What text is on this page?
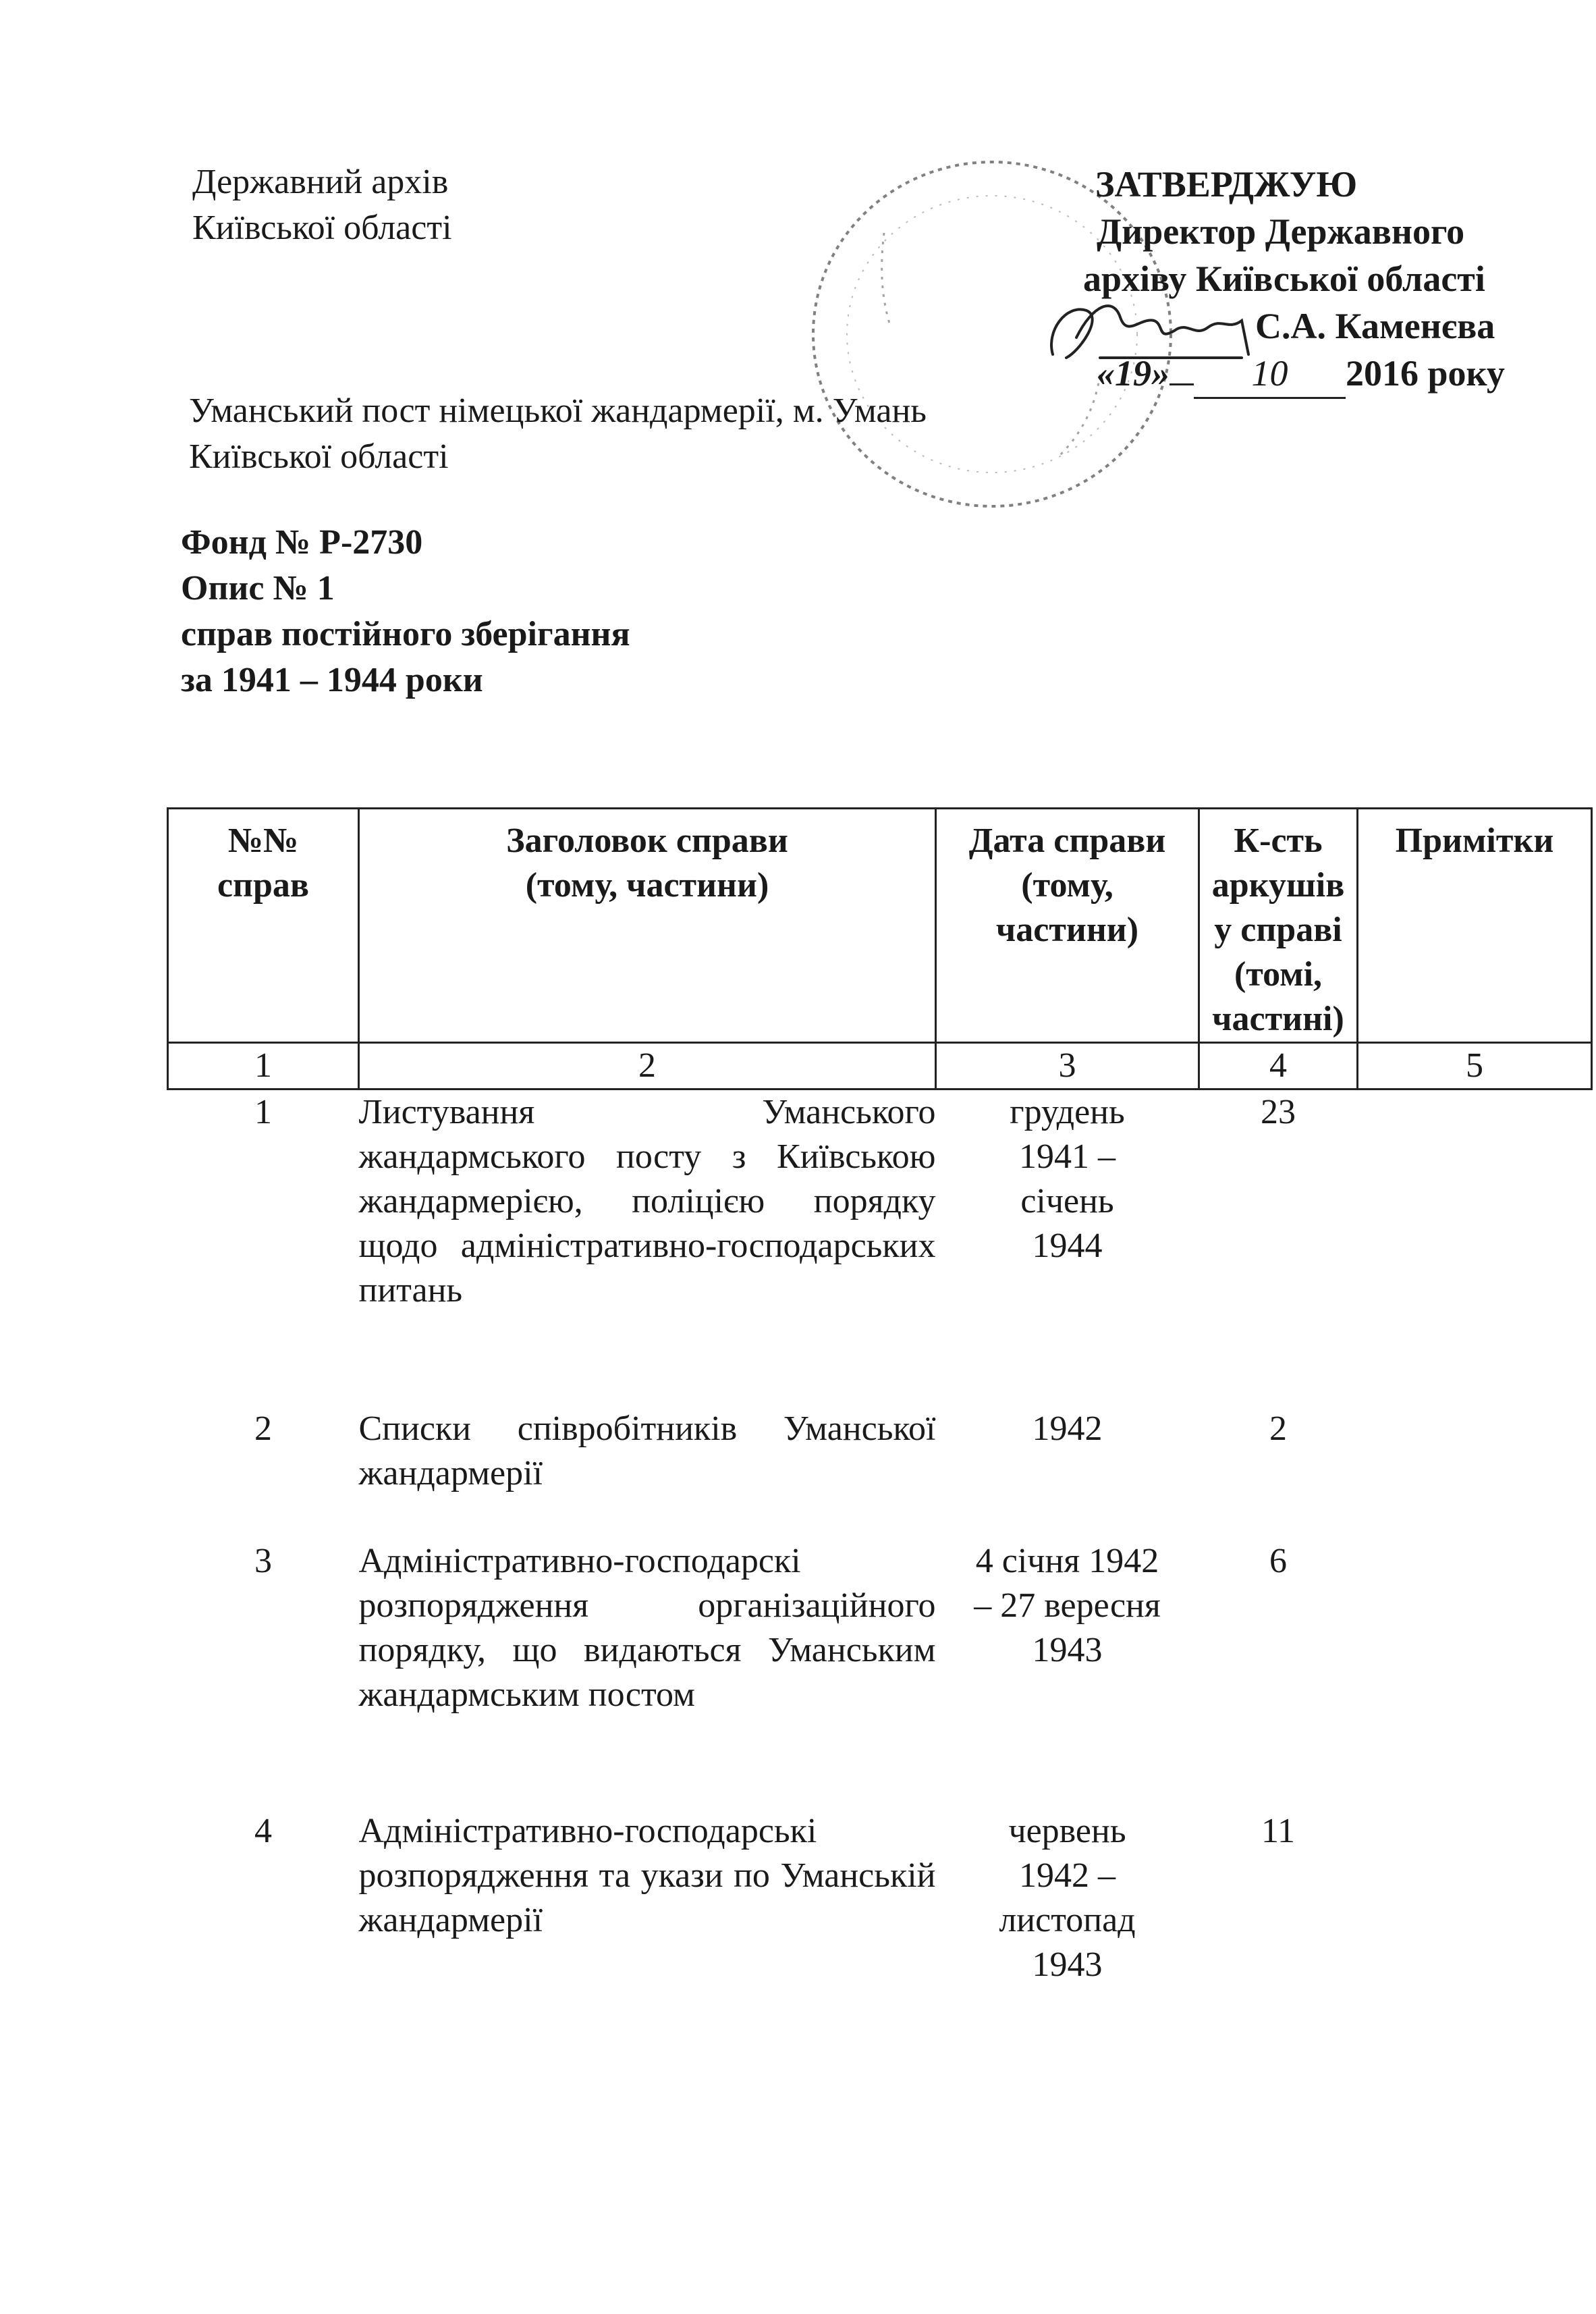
Державний архів
Київської області
ЗАТВЕРДЖУЮ
Директор Державного
архіву Київської області
С.А. Каменєва
«19» 10 2016 року
Уманський пост німецької жандармерії, м. Умань
Київської області
Фонд № Р-2730
Опис № 1
справ постійного зберігання
за 1941 – 1944 роки
№№ справ	Заголовок справи (тому, частини)	Дата справи (тому, частини)	К-сть аркушів у справі (томі, частині)	Примітки
1	2	3	4	5
1	Листування Уманського жандармського посту з Київською жандармерією, поліцією порядку щодо адміністративно-господарських питань	грудень 1941 – січень 1944	23	
2	Списки співробітників Уманської жандармерії	1942	2	
3	Адміністративно-господарскі розпорядження організаційного порядку, що видаються Уманським жандармським постом	4 січня 1942 – 27 вересня 1943	6	
4	Адміністративно-господарські розпорядження та укази по Уманській жандармерії	червень 1942 – листопад 1943	11	
